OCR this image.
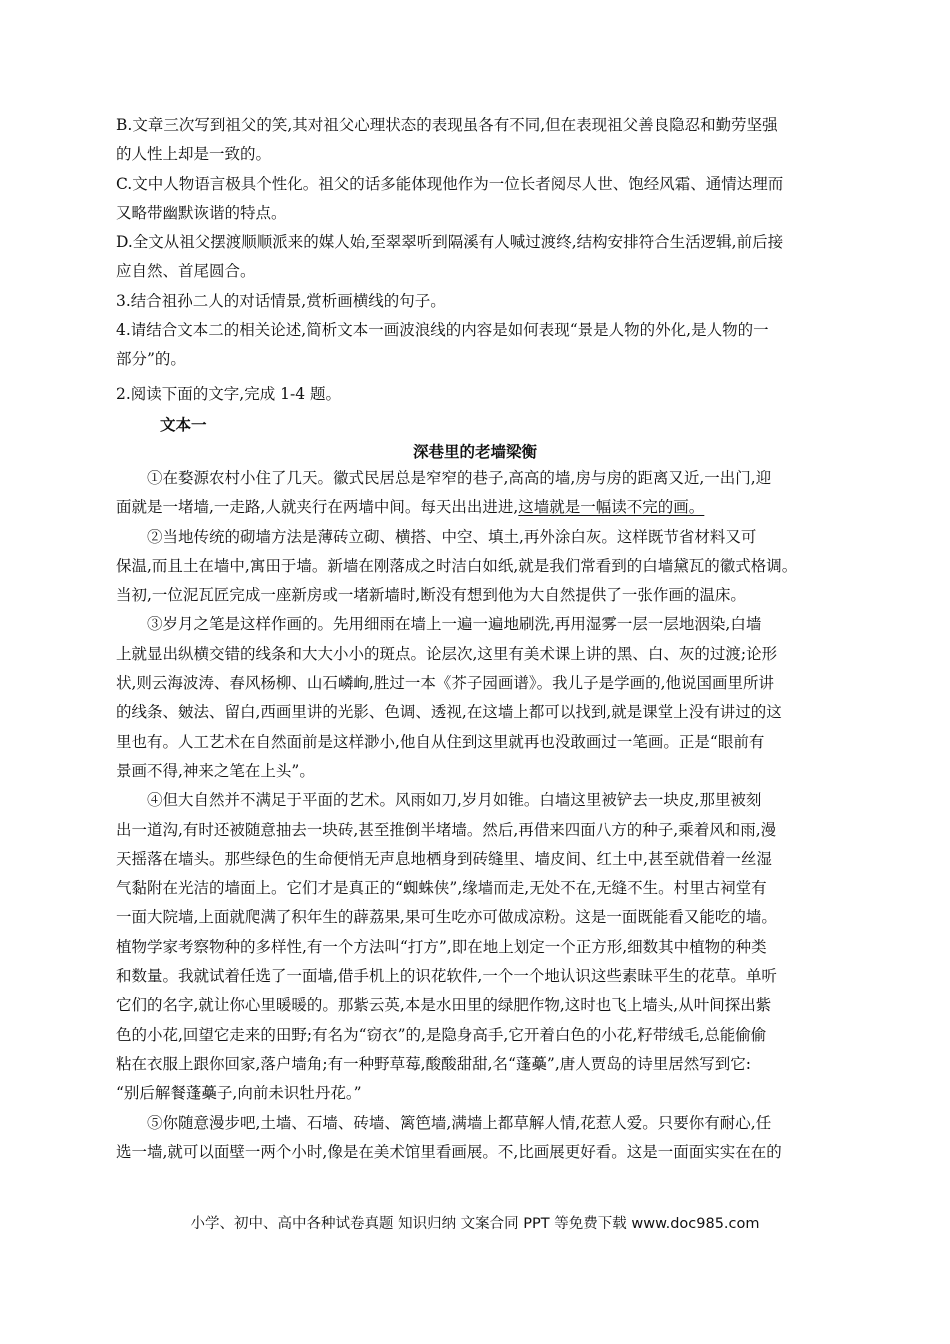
B.文章三次写到祖父的笑,其对祖父心理状态的表现虽各有不同,但在表现祖父善良隐忍和勤劳坚强
的人性上却是一致的。
C.文中人物语言极具个性化。祖父的话多能体现他作为一位长者阅尽人世、饱经风霜、通情达理而
又略带幽默诙谐的特点。
D.全文从祖父摆渡顺顺派来的媒人始,至翠翠听到隔溪有人喊过渡终,结构安排符合生活逻辑,前后接
应自然、首尾圆合。
3.结合祖孙二人的对话情景,赏析画横线的句子。
4.请结合文本二的相关论述,简析文本一画波浪线的内容是如何表现“景是人物的外化,是人物的一
部分”的。
2.阅读下面的文字,完成 1-4 题。
文本一
深巷里的老墙梁衡
①在婺源农村小住了几天。徽式民居总是窄窄的巷子,高高的墙,房与房的距离又近,一出门,迎
面就是一堵墙,一走路,人就夹行在两墙中间。每天出出进进,这墙就是一幅读不完的画。
②当地传统的砌墙方法是薄砖立砌、横搭、中空、填土,再外涂白灰。这样既节省材料又可
保温,而且土在墙中,寓田于墙。新墙在刚落成之时洁白如纸,就是我们常看到的白墙黛瓦的徽式格调。
当初,一位泥瓦匠完成一座新房或一堵新墙时,断没有想到他为大自然提供了一张作画的温床。
③岁月之笔是这样作画的。先用细雨在墙上一遍一遍地刷洗,再用湿雾一层一层地洇染,白墙
上就显出纵横交错的线条和大大小小的斑点。论层次,这里有美术课上讲的黑、白、灰的过渡;论形
状,则云海波涛、春风杨柳、山石嶙峋,胜过一本《芥子园画谱》。我儿子是学画的,他说国画里所讲
的线条、皴法、留白,西画里讲的光影、色调、透视,在这墙上都可以找到,就是课堂上没有讲过的这
里也有。人工艺术在自然面前是这样渺小,他自从住到这里就再也没敢画过一笔画。正是“眼前有
景画不得,神来之笔在上头”。
④但大自然并不满足于平面的艺术。风雨如刀,岁月如锥。白墙这里被铲去一块皮,那里被刻
出一道沟,有时还被随意抽去一块砖,甚至推倒半堵墙。然后,再借来四面八方的种子,乘着风和雨,漫
天摇落在墙头。那些绿色的生命便悄无声息地栖身到砖缝里、墙皮间、红土中,甚至就借着一丝湿
气黏附在光洁的墙面上。它们才是真正的“蜘蛛侠”,缘墙而走,无处不在,无缝不生。村里古祠堂有
一面大院墙,上面就爬满了积年生的薜荔果,果可生吃亦可做成凉粉。这是一面既能看又能吃的墙。
植物学家考察物种的多样性,有一个方法叫“打方”,即在地上划定一个正方形,细数其中植物的种类
和数量。我就试着任选了一面墙,借手机上的识花软件,一个一个地认识这些素昧平生的花草。单听
它们的名字,就让你心里暖暖的。那紫云英,本是水田里的绿肥作物,这时也飞上墙头,从叶间探出紫
色的小花,回望它走来的田野;有名为“窃衣”的,是隐身高手,它开着白色的小花,籽带绒毛,总能偷偷
粘在衣服上跟你回家,落户墙角;有一种野草莓,酸酸甜甜,名“蓬蘽”,唐人贾岛的诗里居然写到它:
“别后解餐蓬蘽子,向前未识牡丹花。”
⑤你随意漫步吧,土墙、石墙、砖墙、篱笆墙,满墙上都草解人情,花惹人爱。只要你有耐心,任
选一墙,就可以面壁一两个小时,像是在美术馆里看画展。不,比画展更好看。这是一面面实实在在的
小学、初中、高中各种试卷真题 知识归纳 文案合同 PPT 等免费下载 www.doc985.com
